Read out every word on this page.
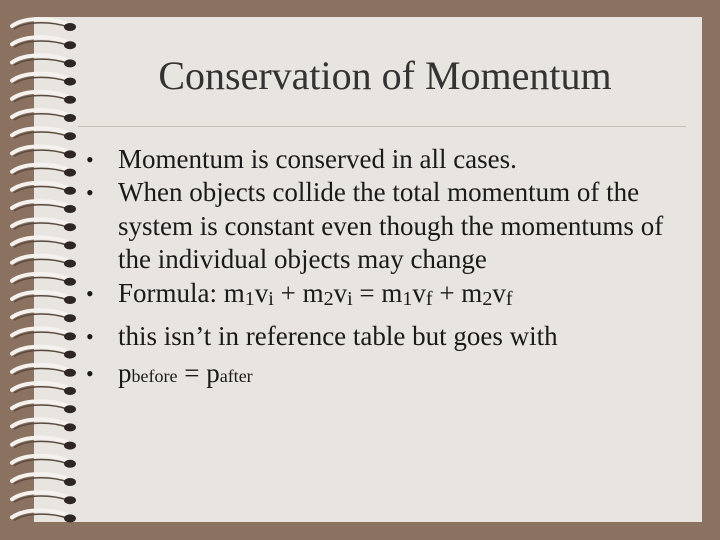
Conservation of Momentum
• Momentum is conserved in all cases.
• When objects collide the total momentum of the system is constant even though the momentums of the individual objects may change
• Formula: $m_1v_i + m_2v_i = m_1v_f + m_2v_f$
• this isn’t in reference table but goes with
• pbefore = pafter
